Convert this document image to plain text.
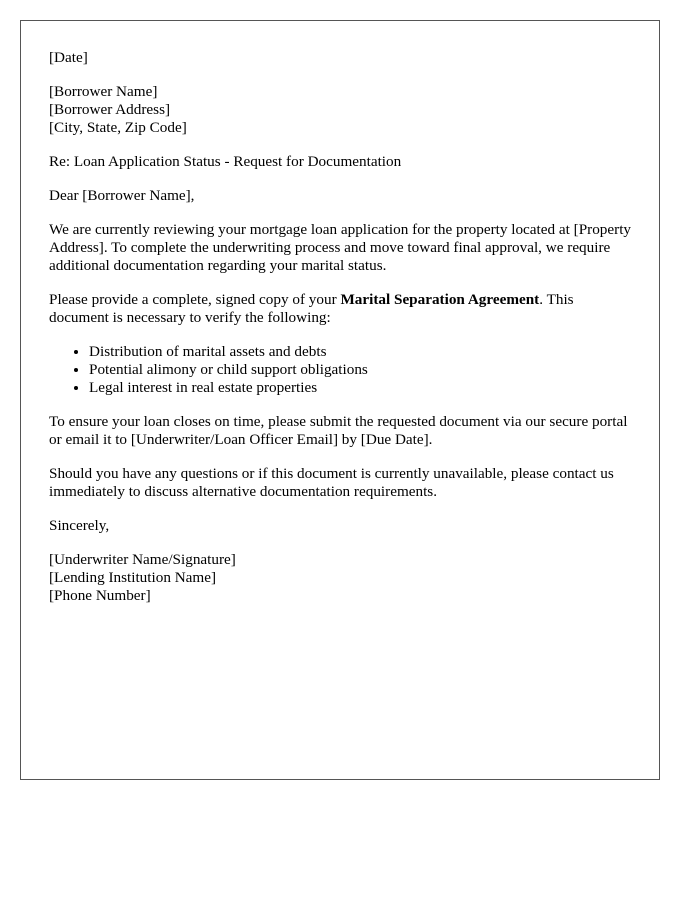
[Date]
[Borrower Name]
[Borrower Address]
[City, State, Zip Code]

Re: Loan Application Status - Request for Documentation

Dear [Borrower Name],

We are currently reviewing your mortgage loan application for the property located at [Property Address]. To complete the underwriting process and move toward final approval, we require additional documentation regarding your marital status.

Please provide a complete, signed copy of your Marital Separation Agreement. This document is necessary to verify the following:

• Distribution of marital assets and debts
• Potential alimony or child support obligations
• Legal interest in real estate properties

To ensure your loan closes on time, please submit the requested document via our secure portal or email it to [Underwriter/Loan Officer Email] by [Due Date].

Should you have any questions or if this document is currently unavailable, please contact us immediately to discuss alternative documentation requirements.

Sincerely,

[Underwriter Name/Signature]
[Lending Institution Name]
[Phone Number]
